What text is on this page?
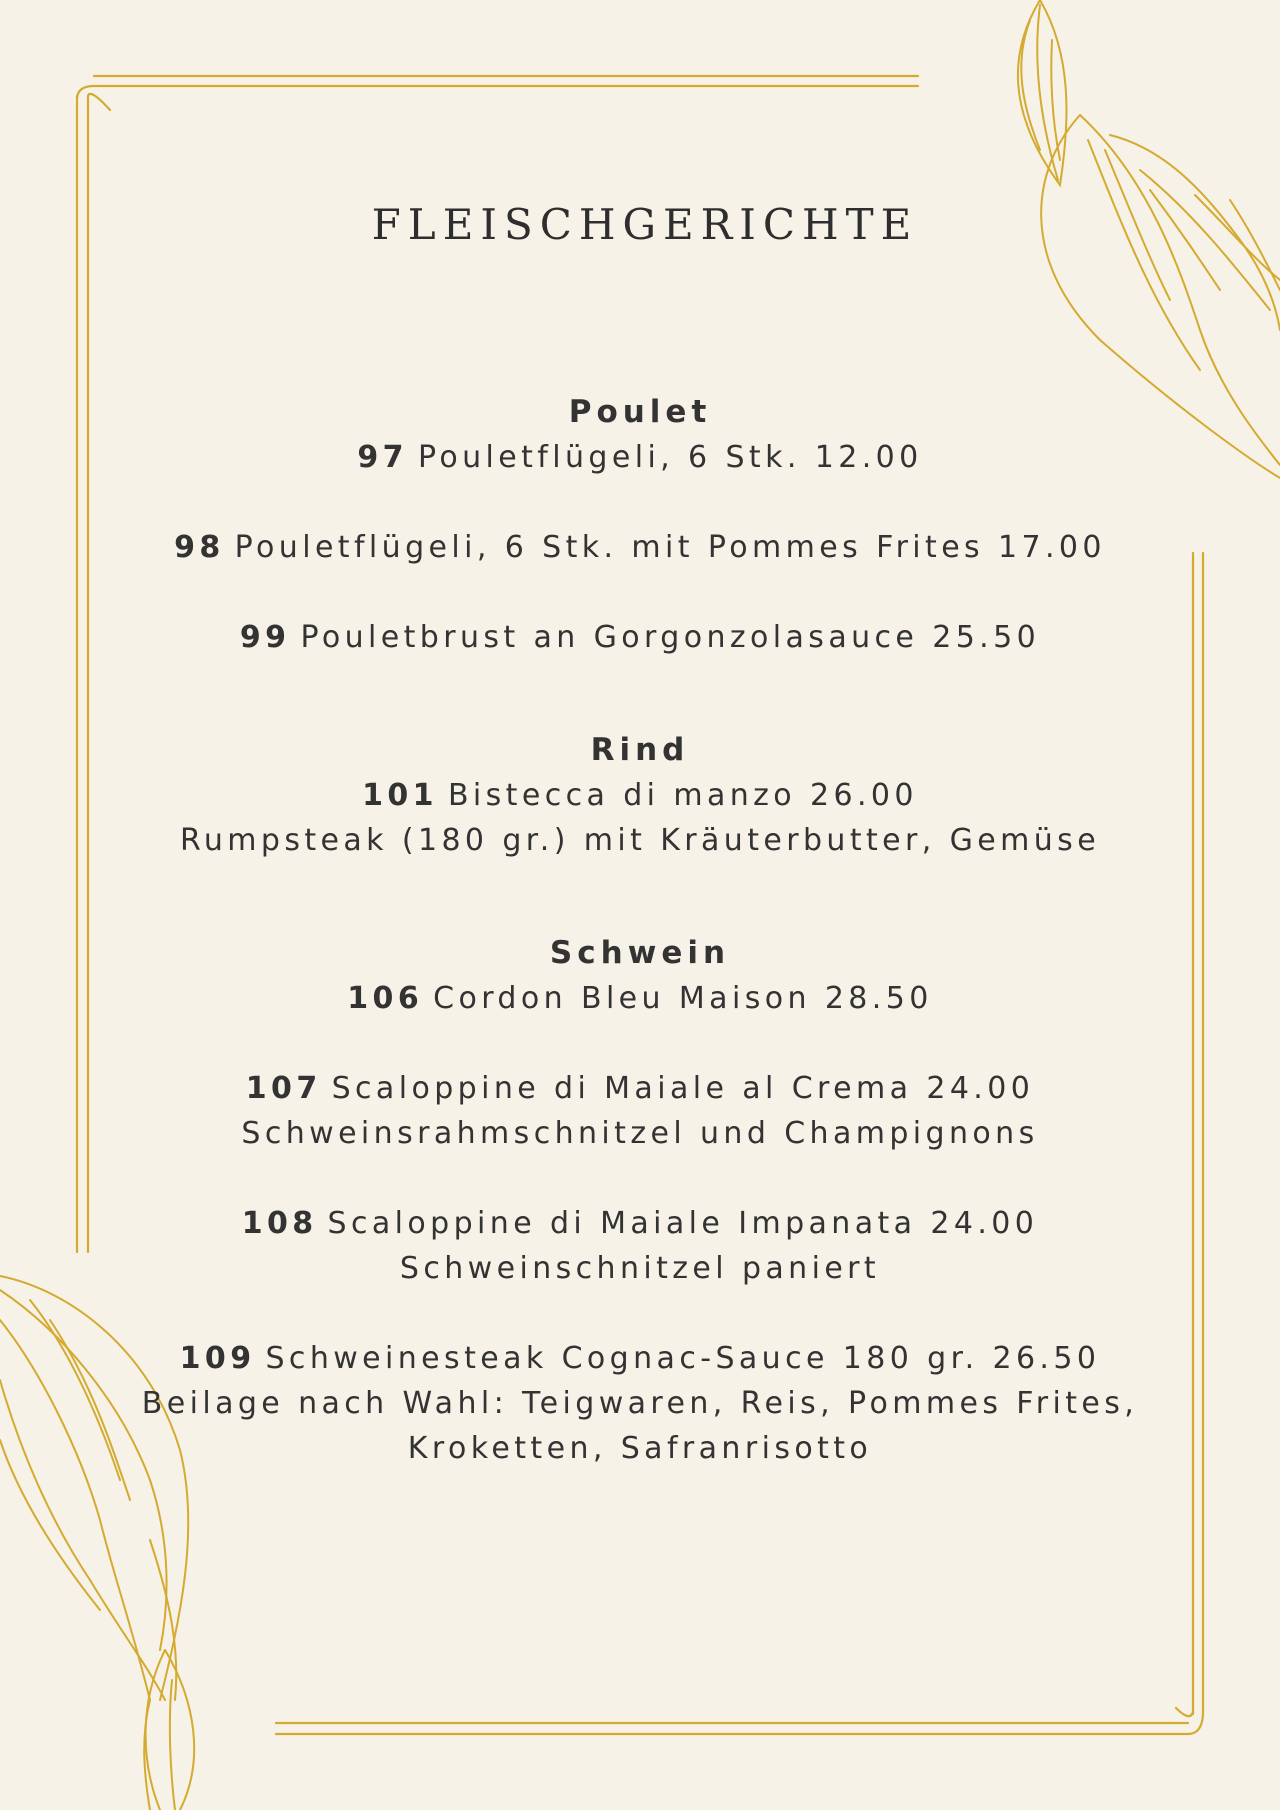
FLEISCHGERICHTE
Poulet
97 Pouletflügeli, 6 Stk. 12.00
98 Pouletflügeli, 6 Stk. mit Pommes Frites 17.00
99 Pouletbrust an Gorgonzolasauce 25.50
Rind
101 Bistecca di manzo 26.00
Rumpsteak (180 gr.) mit Kräuterbutter, Gemüse
Schwein
106 Cordon Bleu Maison 28.50
107 Scaloppine di Maiale al Crema 24.00
Schweinsrahmschnitzel und Champignons
108 Scaloppine di Maiale Impanata 24.00
Schweinschnitzel paniert
109 Schweinesteak Cognac-Sauce 180 gr. 26.50
Beilage nach Wahl: Teigwaren, Reis, Pommes Frites, Kroketten, Safranrisotto
